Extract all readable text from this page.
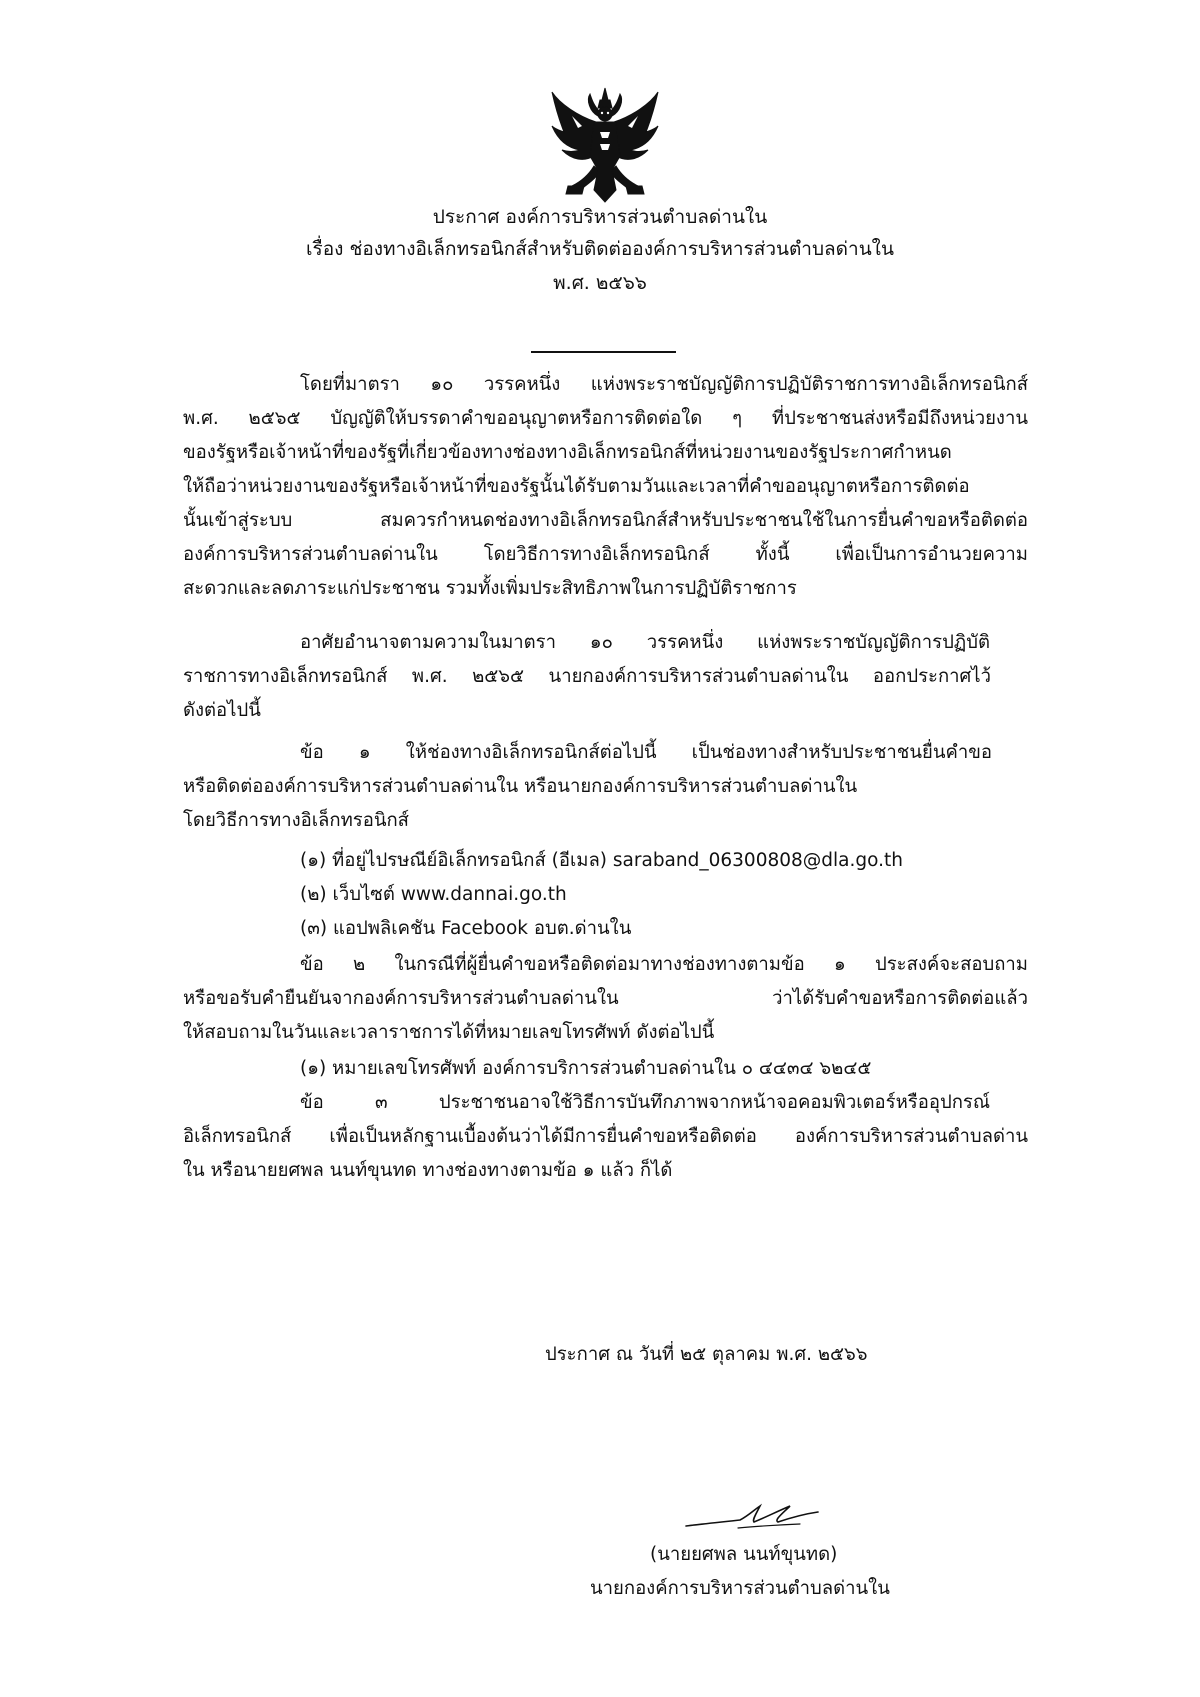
ประกาศ องค์การบริหารส่วนตำบลด่านใน
เรื่อง ช่องทางอิเล็กทรอนิกส์สำหรับติดต่อองค์การบริหารส่วนตำบลด่านใน
พ.ศ. ๒๕๖๖
โดยที่มาตรา ๑๐ วรรคหนึ่ง แห่งพระราชบัญญัติการปฏิบัติราชการทางอิเล็กทรอนิกส์
พ.ศ. ๒๕๖๕ บัญญัติให้บรรดาคำขออนุญาตหรือการติดต่อใด ๆ ที่ประชาชนส่งหรือมีถึงหน่วยงาน
ของรัฐหรือเจ้าหน้าที่ของรัฐที่เกี่ยวข้องทางช่องทางอิเล็กทรอนิกส์ที่หน่วยงานของรัฐประกาศกำหนด
ให้ถือว่าหน่วยงานของรัฐหรือเจ้าหน้าที่ของรัฐนั้นได้รับตามวันและเวลาที่คำขออนุญาตหรือการติดต่อ
นั้นเข้าสู่ระบบ สมควรกำหนดช่องทางอิเล็กทรอนิกส์สำหรับประชาชนใช้ในการยื่นคำขอหรือติดต่อ
องค์การบริหารส่วนตำบลด่านใน โดยวิธีการทางอิเล็กทรอนิกส์ ทั้งนี้ เพื่อเป็นการอำนวยความ
สะดวกและลดภาระแก่ประชาชน รวมทั้งเพิ่มประสิทธิภาพในการปฏิบัติราชการ
อาศัยอำนาจตามความในมาตรา ๑๐ วรรคหนึ่ง แห่งพระราชบัญญัติการปฏิบัติ
ราชการทางอิเล็กทรอนิกส์ พ.ศ. ๒๕๖๕ นายกองค์การบริหารส่วนตำบลด่านใน ออกประกาศไว้
ดังต่อไปนี้
ข้อ ๑ ให้ช่องทางอิเล็กทรอนิกส์ต่อไปนี้ เป็นช่องทางสำหรับประชาชนยื่นคำขอ
หรือติดต่อองค์การบริหารส่วนตำบลด่านใน หรือนายกองค์การบริหารส่วนตำบลด่านใน
โดยวิธีการทางอิเล็กทรอนิกส์
(๑) ที่อยู่ไปรษณีย์อิเล็กทรอนิกส์ (อีเมล) saraband_06300808@dla.go.th
(๒) เว็บไซต์ www.dannai.go.th
(๓) แอปพลิเคชัน Facebook อบต.ด่านใน
ข้อ ๒ ในกรณีที่ผู้ยื่นคำขอหรือติดต่อมาทางช่องทางตามข้อ ๑ ประสงค์จะสอบถาม
หรือขอรับคำยืนยันจากองค์การบริหารส่วนตำบลด่านใน ว่าได้รับคำขอหรือการติดต่อแล้ว
ให้สอบถามในวันและเวลาราชการได้ที่หมายเลขโทรศัพท์ ดังต่อไปนี้
(๑) หมายเลขโทรศัพท์ องค์การบริการส่วนตำบลด่านใน ๐ ๔๔๓๔ ๖๒๔๕
ข้อ ๓ ประชาชนอาจใช้วิธีการบันทึกภาพจากหน้าจอคอมพิวเตอร์หรืออุปกรณ์
อิเล็กทรอนิกส์ เพื่อเป็นหลักฐานเบื้องต้นว่าได้มีการยื่นคำขอหรือติดต่อ องค์การบริหารส่วนตำบลด่าน
ใน หรือนายยศพล นนท์ขุนทด ทางช่องทางตามข้อ ๑ แล้ว ก็ได้
ประกาศ ณ วันที่ ๒๕ ตุลาคม พ.ศ. ๒๕๖๖
(นายยศพล นนท์ขุนทด)
นายกองค์การบริหารส่วนตำบลด่านใน
